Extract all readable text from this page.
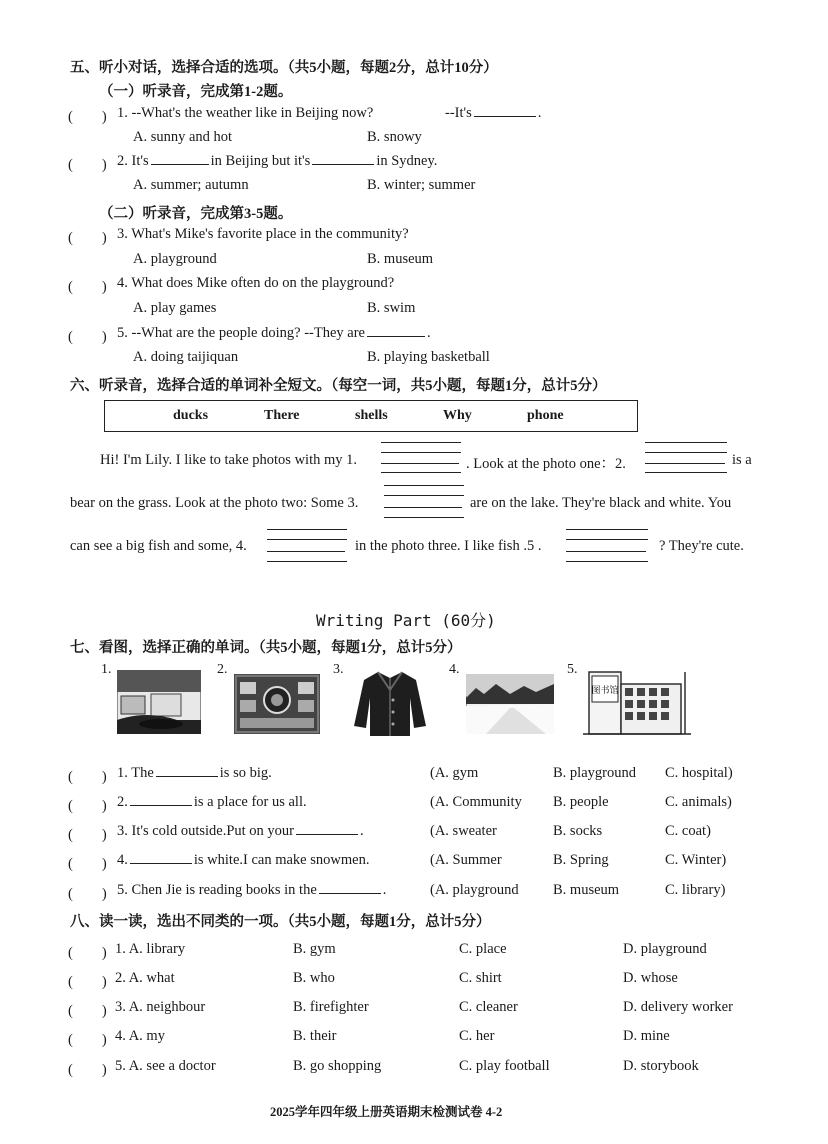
五、听小对话，选择合适的选项。（共5小题，每题2分，总计10分）
（一）听录音，完成第1-2题。
(　　) 1. --What's the weather like in Beijing now?	--It's	.
A. sunny and hot	B. snowy
(　　) 2. It's	in Beijing but it's	in Sydney.
A. summer; autumn	B. winter; summer
（二）听录音，完成第3-5题。
(　　) 3. What's Mike's favorite place in the community?
A. playground	B. museum
(　　) 4. What does Mike often do on the playground?
A. play games	B. swim
(　　) 5. --What are the people doing? --They are	.
A. doing taijiquan	B. playing basketball
六、听录音，选择合适的单词补全短文。（每空一词，共5小题，每题1分，总计5分）
ducks	There	shells	Why	phone
Hi! I'm Lily. I like to take photos with my 1.	. Look at the photo one：2.	is a
bear on the grass. Look at the photo two: Some 3.	are on the lake. They're black and white. You
can see a big fish and some, 4.	in the photo three. I like fish .5 .	? They're cute.
Writing Part (60分)
七、看图，选择正确的单词。（共5小题，每题1分，总计5分）
1.	2.	3.	4.	5.
图书馆
(　　) 1. The	is so big.	(A. gym	B. playground C. hospital)
(　　) 2.	is a place for us all.	(A. Community B. people	C. animals)
(　　) 3. It's cold outside.Put on your	.	(A. sweater	B. socks	C. coat)
(　　) 4.	is white.I can make snowmen.	(A. Summer	B. Spring	C. Winter)
(　　) 5. Chen Jie is reading books in the	.	(A. playground B. museum	C. library)
八、读一读，选出不同类的一项。（共5小题，每题1分，总计5分）
(　　) 1. A. library	B. gym	C. place	D. playground
(　　) 2. A. what	B. who	C. shirt	D. whose
(　　) 3. A. neighbour	B. firefighter	C. cleaner	D. delivery worker
(　　) 4. A. my	B. their	C. her	D. mine
(　　) 5. A. see a doctor	B. go shopping	C. play football	D. storybook
2025学年四年级上册英语期末检测试卷 4-2
